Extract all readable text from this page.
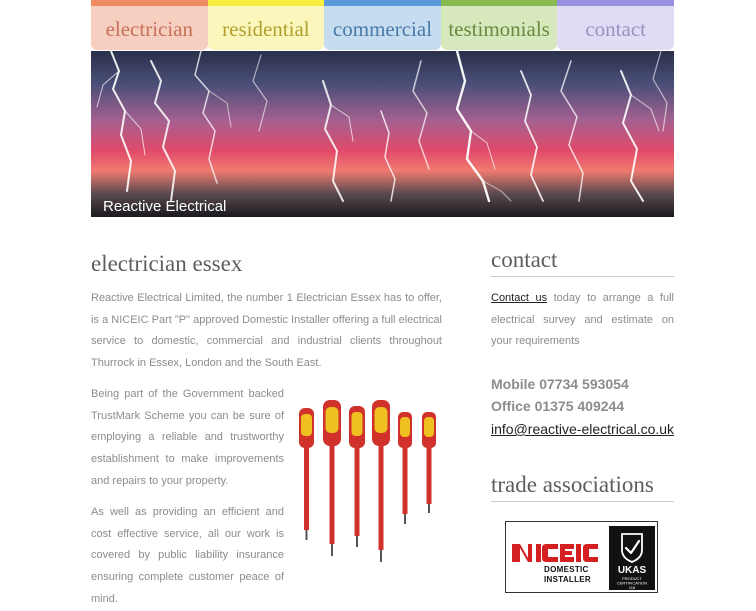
electrician residential commercial testimonials contact
Reactive Electrical
electrician essex

Reactive Electrical Limited, the number 1 Electrician Essex has to offer, is a NICEIC Part "P" approved Domestic Installer offering a full electrical service to domestic, commercial and industrial clients throughout Thurrock in Essex, London and the South East.

Being part of the Government backed TrustMark Scheme you can be sure of employing a reliable and trustworthy establishment to make improvements and repairs to your property.

As well as providing an efficient and cost effective service, all our work is covered by public liability insurance ensuring complete customer peace of mind.

contact

Contact us today to arrange a full electrical survey and estimate on your requirements

Mobile 07734 593054
Office 01375 409244
info@reactive-electrical.co.uk
trade associations
DOMESTIC
INSTALLER
UKAS
PRODUCT
CERTIFICATION
118
